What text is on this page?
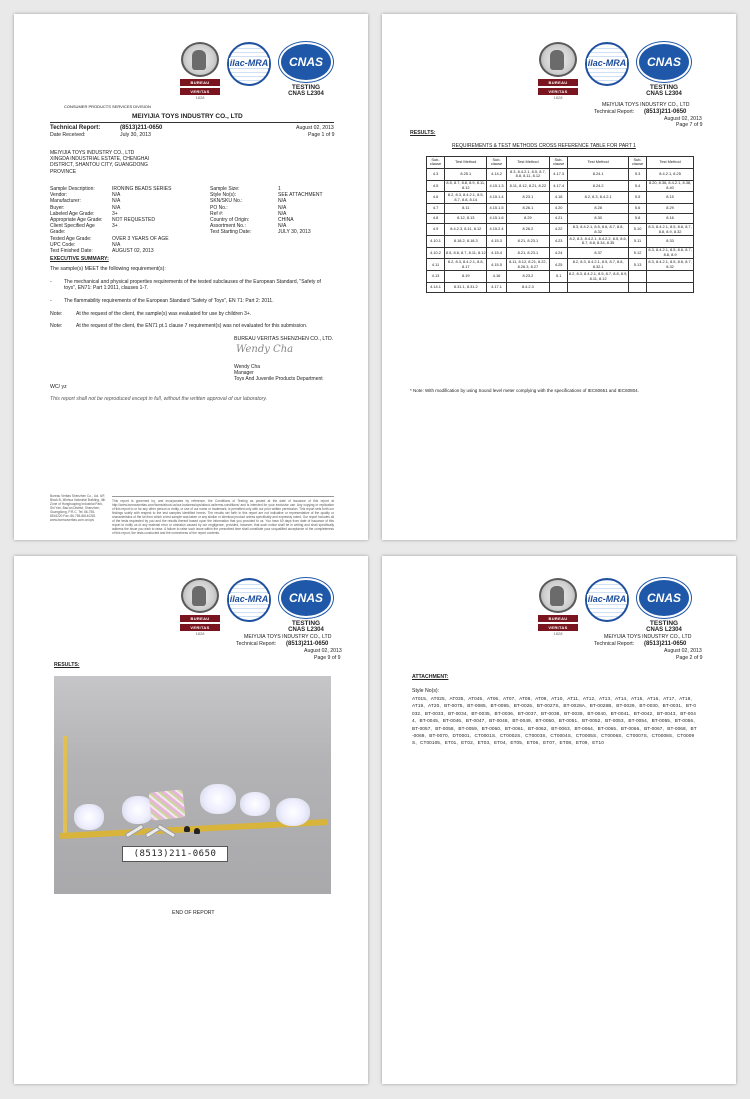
BUREAU
VERITAS
1828
ilac-MRA	CNAS
TESTING
CNAS L2304
CONSUMER PRODUCTS SERVICES DIVISION
MEIYIJIA TOYS INDUSTRY CO., LTD
Technical Report:	(8513)211-0650	August 02, 2013
Date Received:	July 30, 2013	Page 1 of 9
MEIYIJIA TOYS INDUSTRY CO., LTD
XINGDA INDUSTRIAL ESTATE, CHENGHAI
DISTRICT, SHANTOU CITY, GUANGDONG
PROVINCE
Sample Description:	IRONING BEADS SERIES
Vendor:	N/A
Manufacturer:	N/A
Buyer:	N/A
Labeled Age Grade:	3+
Appropriate Age Grade:	NOT REQUESTED
Client Specified Age	3+
Grade:
Tested Age Grade:	OVER 3 YEARS OF AGE
UPC Code:	N/A
Test Finished Date:	AUGUST 02, 2013
Sample Size:	1
Style No(s):	SEE ATTACHMENT
SKN/SKU No.:	N/A
PO No.:	N/A
Ref #:	N/A
Country of Origin:	CHINA
Assortment No.:	N/A
Test Starting Date:	JULY 30, 2013
EXECUTIVE SUMMARY:
The sample(s) MEET the following requirement(s):
- The mechanical and physical properties requirements of the tested subclauses of the European Standard, "Safety of toys", EN71: Part 1:2011, clauses 1-7.
- The flammability requirements of the European Standard "Safety of Toys", EN 71: Part 2: 2011.
Note:	At the request of the client, the sample(s) was evaluated for use by children 3+.
Note:	At the request of the client, the EN71 pt.1 clause 7 requirement(s) was not evaluated for this submission.
BUREAU VERITAS SHENZHEN CO., LTD.
Wendy Cha
Wendy Cha
Manager
Toys And Juvenile Products Department
WC/ yz
This report shall not be reproduced except in full, without the written approval of our laboratory.
Bureau Veritas Shenzhen Co., Ltd. 6/F, Block B, Minhua Industrial Building, 4th Zone of Honghuaping Industrial Park, Shi Yan, Bao'an District, Shenzhen, Guangdong, P.R.C. Tel: 86-755-8516220 Fax: 86-755-86140281 www.bureauveritas.com.cn/cps
This report is governed by, and incorporates by reference, the Conditions of Testing as posted at the date of issuance of this report at http://www.bureauveritas.com/home/about-us/our-business/cps/about-us/terms-conditions/ and is intended for your exclusive use. Any copying or replication of this report to or for any other person or entity, or use of our name or trademark, is permitted only with our prior written permission. This report sets forth our findings solely with respect to the test samples identified herein. The results set forth in this report are not indicative or representative of the quality or characteristics of the lot from which a test sample was taken or any similar or identical product unless specifically and expressly noted. Our report includes all of the tests requested by you and the results thereof based upon the information that you provided to us. You have 60 days from date of issuance of this report to notify us of any material error or omission caused by our negligence, provided, however, that such notice shall be in writing and shall specifically address the issue you wish to raise. A failure to raise such issue within the prescribed time shall constitute your unqualified acceptance of the completeness of this report, the tests conducted and the correctness of the report contents.
BUREAU
VERITAS
1828
ilac-MRA	CNAS
TESTING
CNAS L2304
MEIYIJIA TOYS INDUSTRY CO., LTD
Technical Report: (8513)211-0650
August 02, 2013
Page 7 of 9
RESULTS:
REQUIREMENTS & TEST METHODS CROSS REFERENCE TABLE FOR PART 1
Sub-clause	Test Method	Sub-clause	Test Method	Sub-clause	Test Method	Sub-clause	Test Method
4.3	8.25.1	4.14.2	8.3, 8.4.2.1, 8.5, 8.7, 8.8, 8.11, 8.12	4.17.3	8.24.1	5.3	8.4.2.1, 8.25
4.5	8.5, 8.7, 8.8, 8.9, 8.11, 8.12	4.15.1.3	8.11, 8.12, 8.21, 8.22	4.17.4	8.24.2	5.4	8.20, 8.36, 8.4.2.1, 8.38, 8.40
4.6	8.2, 8.3, 8.4.2.1, 8.5, 8.7, 8.8, 8.14	4.15.1.4	8.23.1	4.18	8.2, 8.3, 8.4.2.1	5.5	8.15
4.7	8.11	4.15.1.5	8.26.1	4.20	8.28	5.6	8.29
4.8	8.12, 8.13	4.15.1.6	8.29	4.21	8.30	5.8	8.16
4.9	8.4.2.3, 8.11, 8.12	4.15.2.4	8.26.2	4.22	8.3, 8.4.2.1, 8.5, 8.6, 8.7, 8.8, 8.32	5.10	8.3, 8.4.2.1, 8.5, 8.6, 8.7, 8.8, 8.9, 8.32
4.10.1	8.18.2, 8.18.3	4.15.3	8.21, 8.23.1	4.23	8.2, 8.3, 8.4.2.1, 8.4.2.2, 8.5, 8.6, 8.7, 8.8, 8.34, 8.35	5.11	8.33
4.10.2	8.5, 8.6, 8.7, 8.11, 8.12	4.15.4	8.21, 8.23.1	4.24	8.37	5.12	8.3, 8.4.2.1, 8.5, 8.6, 8.7, 8.8, 8.9
4.11	8.2, 8.3, 8.4.2.1, 8.8, 8.17	4.15.5	8.11, 8.12, 8.21, 8.22, 8.26.3, 8.27	4.25	8.2, 8.3, 8.4.2.1, 8.5, 8.7, 8.8, 8.32.1	5.13	8.3, 8.4.2.1, 8.5, 8.6, 8.7, 8.32
4.13	8.19	4.16	8.23.2	5.1	8.2, 8.3, 8.4.2.1, 8.5, 8.7, 8.8, 8.9, 8.11, 8.12		
4.14.1	8.31.1, 8.31.2	4.17.1	8.4.2.3				
* Note: With modification by using Sound level meter complying with the specifications of IEC60651 and IEC60804.
BUREAU
VERITAS
1828
ilac-MRA	CNAS
TESTING
CNAS L2304
MEIYIJIA TOYS INDUSTRY CO., LTD
Technical Report: (8513)211-0650
August 02, 2013
Page 9 of 9
RESULTS:
(8513)211-0650
END OF REPORT
BUREAU
VERITAS
1828
ilac-MRA	CNAS
TESTING
CNAS L2304
MEIYIJIA TOYS INDUSTRY CO., LTD
Technical Report: (8513)211-0650
August 02, 2013
Page 2 of 9
ATTACHMENT:
Style No(s):
AT015、AT025、AT035、AT045、AT06、AT07、AT08、AT09、AT10、AT11、AT12、AT13、AT14、AT15、AT16、AT17、AT18、AT19、AT20、BT-0075、BT-0085、BT-0095、BT-0026、BT-0027S、BT-0028A、BT-0028B、BT-0029、BT-0030、BT-0031、BT-0032、BT-0033、BT-0034、BT-0035、BT-0036、BT-0037、BT-0038、BT-0039、BT-0040、BT-0041、BT-0042、BT-0043、BT-0044、BT-0045、BT-0046、BT-0047、BT-0048、BT-0049、BT-0050、BT-0051、BT-0052、BT-0053、BT-0054、BT-0055、BT-0056、BT-0057、BT-0058、BT-0059、BT-0060、BT-0061、BT-0062、BT-0063、BT-0064、BT-0065、BT-0066、BT-0067、BT-0068、BT-0069、BT-0070、DT0001、CT0001S、CT0002S、CT0003S、CT0004S、CT0005S、CT0006S、CT0007S、CT0008S、CT0009S、CT00105、ET01、ET02、ET03、ET04、ET05、ET06、ET07、ET08、ET09、ET10
